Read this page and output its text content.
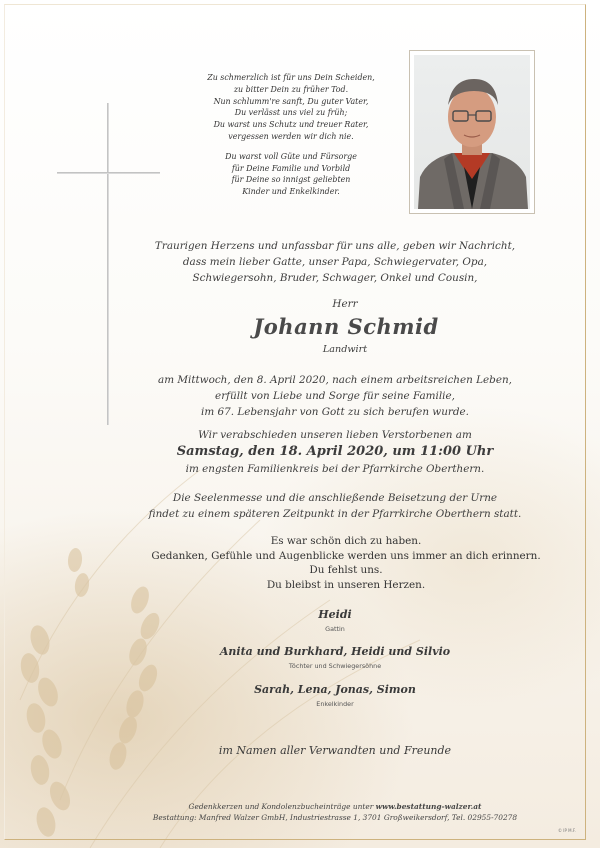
Zu schmerzlich ist für uns Dein Scheiden,

zu bitter Dein zu früher Tod.

Nun schlumm're sanft, Du guter Vater,

Du verlässt uns viel zu früh;

Du warst uns Schutz und treuer Rater,

vergessen werden wir dich nie.

Du warst voll Güte und Fürsorge

für Deine Familie und Vorbild

für Deine so innigst geliebten

Kinder und Enkelkinder.

Traurigen Herzens und unfassbar für uns alle, geben wir Nachricht,

dass mein lieber Gatte, unser Papa, Schwiegervater, Opa,

Schwiegersohn, Bruder, Schwager, Onkel und Cousin,

Herr
Johann Schmid
Landwirt

am Mittwoch, den 8. April 2020, nach einem arbeitsreichen Leben,

erfüllt von Liebe und Sorge für seine Familie,

im 67. Lebensjahr von Gott zu sich berufen wurde.

Wir verabschieden unseren lieben Verstorbenen am

Samstag, den 18. April 2020, um 11:00 Uhr

im engsten Familienkreis bei der Pfarrkirche Oberthern.

Die Seelenmesse und die anschließende Beisetzung der Urne

findet zu einem späteren Zeitpunkt in der Pfarrkirche Oberthern statt.

Es war schön dich zu haben.

Gedanken, Gefühle und Augenblicke werden uns immer an dich erinnern.

Du fehlst uns.

Du bleibst in unseren Herzen.

Heidi
Gattin
Anita und Burkhard, Heidi und Silvio
Töchter und Schwiegersöhne
Sarah, Lena, Jonas, Simon
Enkelkinder
im Namen aller Verwandten und Freunde
Gedenkkerzen und Kondolenzbucheinträge unter www.bestattung-walzer.at
Bestattung: Manfred Walzer GmbH, Industriestrasse 1, 3701 Großweikersdorf, Tel. 02955-70278
© IP M.F.
